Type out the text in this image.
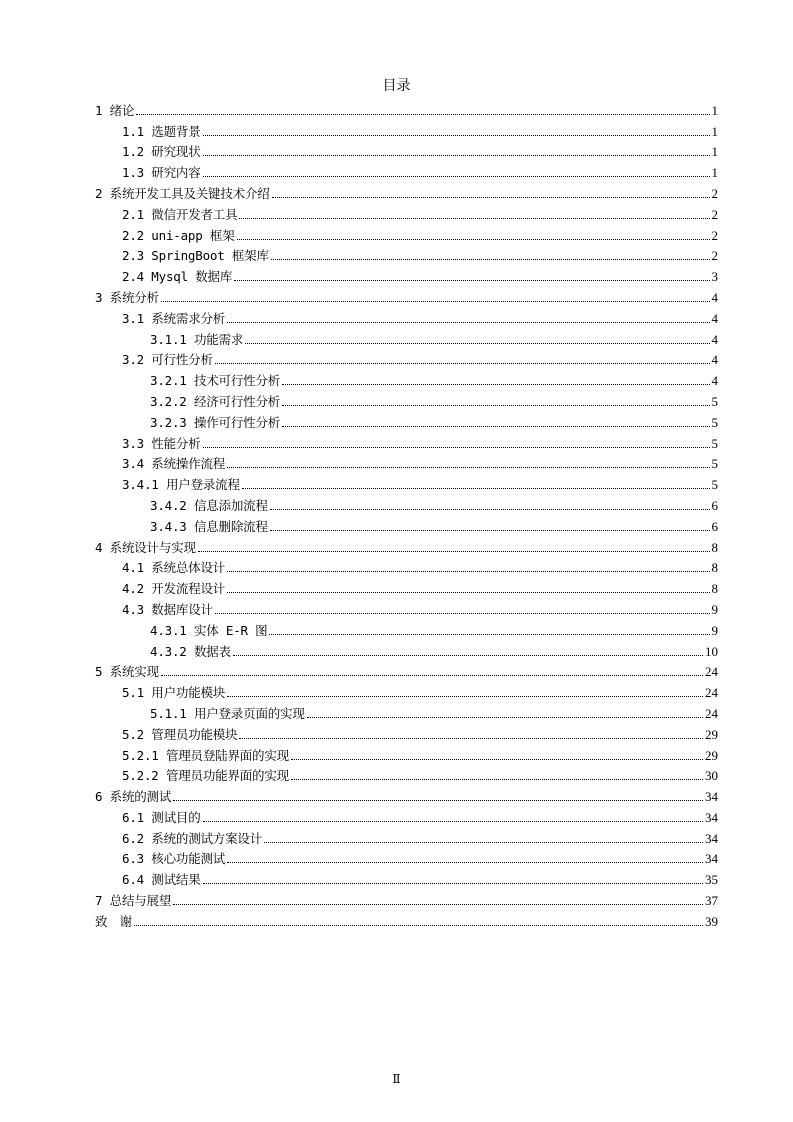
目录
1 绪论	1
1.1 选题背景	1
1.2 研究现状	1
1.3 研究内容	1
2 系统开发工具及关键技术介绍	2
2.1 微信开发者工具	2
2.2 uni-app 框架	2
2.3 SpringBoot 框架库	2
2.4 Mysql 数据库	3
3 系统分析	4
3.1 系统需求分析	4
3.1.1 功能需求	4
3.2 可行性分析	4
3.2.1 技术可行性分析	4
3.2.2 经济可行性分析	5
3.2.3 操作可行性分析	5
3.3 性能分析	5
3.4 系统操作流程	5
3.4.1 用户登录流程	5
3.4.2 信息添加流程	6
3.4.3 信息删除流程	6
4 系统设计与实现	8
4.1 系统总体设计	8
4.2 开发流程设计	8
4.3 数据库设计	9
4.3.1 实体 E-R 图	9
4.3.2 数据表	10
5 系统实现	24
5.1 用户功能模块	24
5.1.1 用户登录页面的实现	24
5.2 管理员功能模块	29
5.2.1 管理员登陆界面的实现	29
5.2.2 管理员功能界面的实现	30
6 系统的测试	34
6.1 测试目的	34
6.2 系统的测试方案设计	34
6.3 核心功能测试	34
6.4 测试结果	35
7 总结与展望	37
致　谢	39
Ⅱ
